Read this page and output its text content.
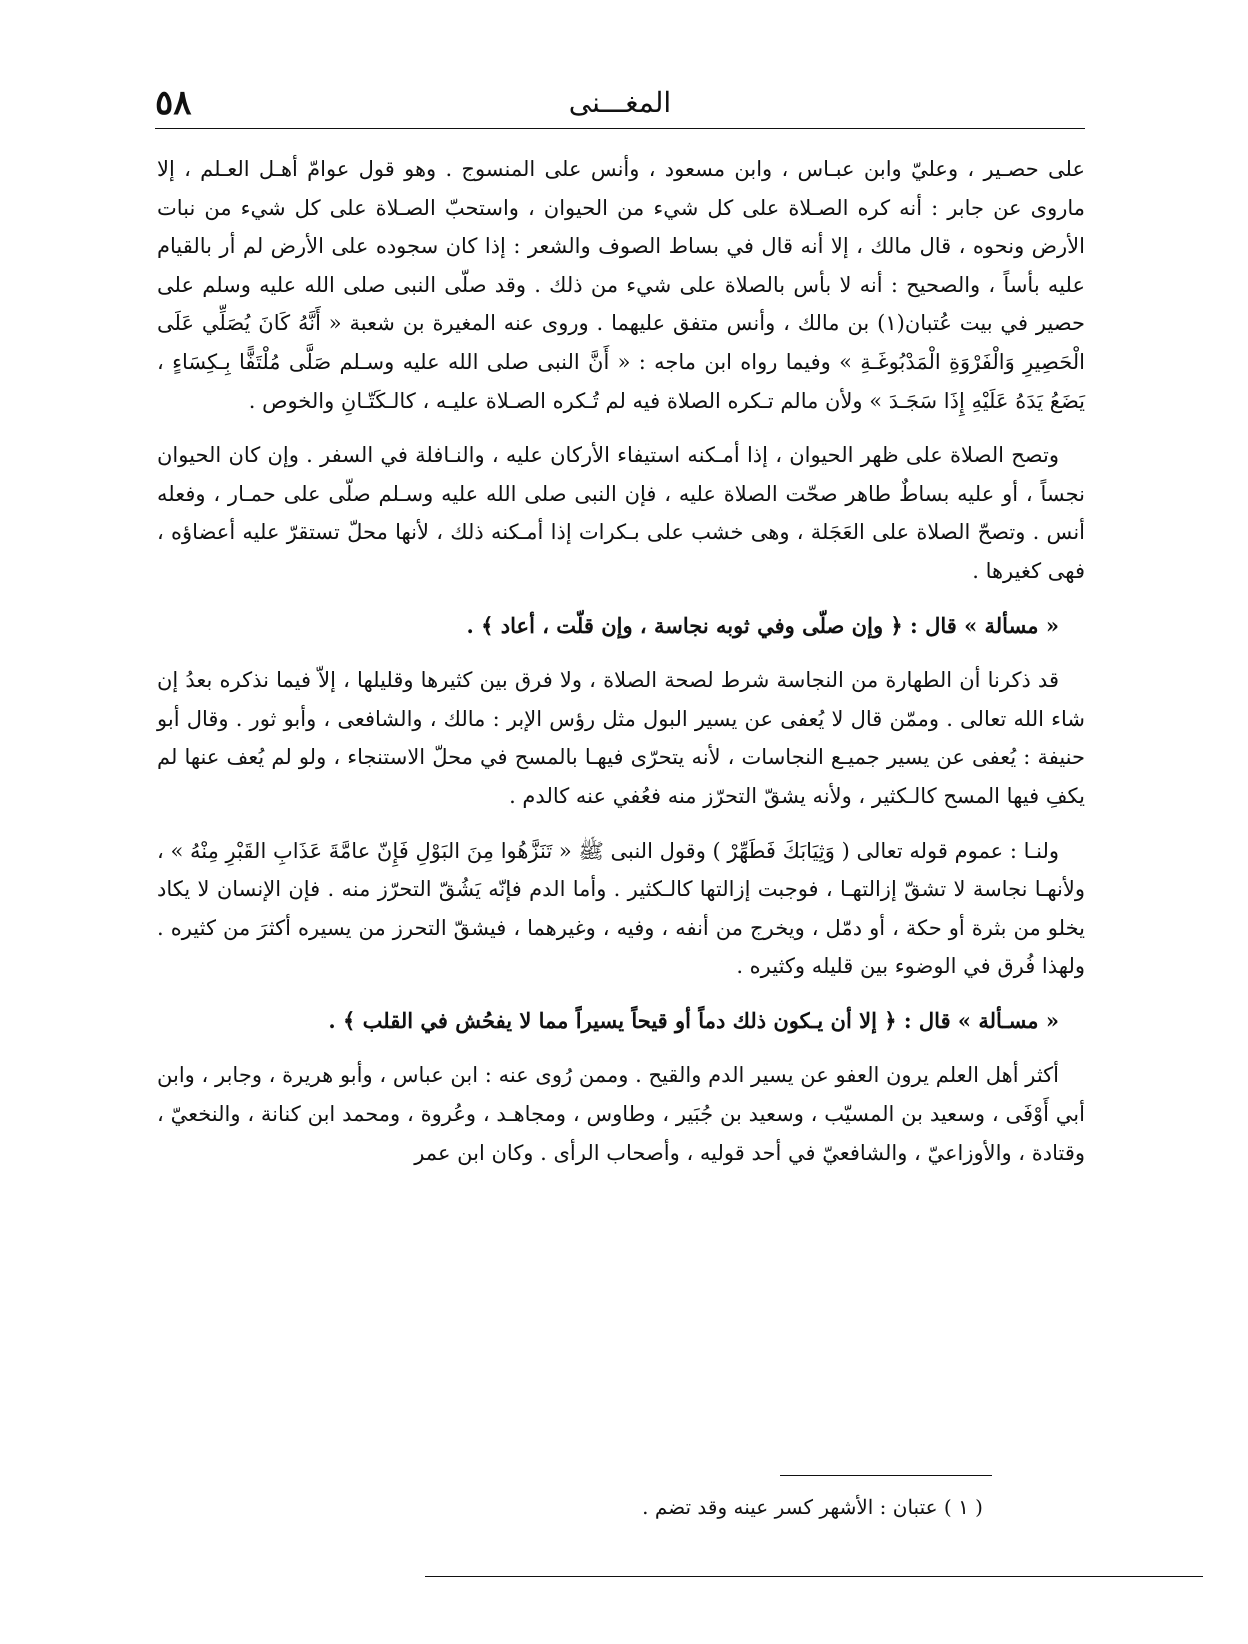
٥٨	المغـــنى

على حصـير ، وعليّ وابن عبـاس ، وابن مسعود ، وأنس على المنسوج . وهو قول عوامّ أهـل العـلم ، إلا ماروى عن جابر : أنه كره الصـلاة على كل شيء من الحيوان ، واستحبّ الصـلاة على كل شيء من نبات الأرض ونحوه ، قال مالك ، إلا أنه قال في بساط الصوف والشعر : إذا كان سجوده على الأرض لم أر بالقيام عليه بأساً ، والصحيح : أنه لا بأس بالصلاة على شيء من ذلك . وقد صلّى النبى صلى الله عليه وسلم على حصير في بيت عُتبان(١) بن مالك ، وأنس متفق عليهما . وروى عنه المغيرة بن شعبة « أَنَّهُ كَانَ يُصَلِّي عَلَى الْحَصِيرِ وَالْفَرْوَةِ الْمَدْبُوغَـةِ » وفيما رواه ابن ماجه : « أَنَّ النبى صلى الله عليه وسـلم صَلَّى مُلْتَفًّا بِـكِسَاءٍ ، يَضَعُ يَدَهُ عَلَيْهِ إِذَا سَجَـدَ » ولأن مالم تـكره الصلاة فيه لم تُـكره الصـلاة عليـه ، كالـكَتّـانِ والخوص .

وتصح الصلاة على ظهر الحيوان ، إذا أمـكنه استيفاء الأركان عليه ، والنـافلة في السفر . وإن كان الحيوان نجساً ، أو عليه بساطٌ طاهر صحّت الصلاة عليه ، فإن النبى صلى الله عليه وسـلم صلّى على حمـار ، وفعله أنس . وتصحّ الصلاة على العَجَلة ، وهى خشب على بـكرات إذا أمـكنه ذلك ، لأنها محلّ تستقرّ عليه أعضاؤه ، فهى كغيرها .

« مسألة » قال : ﴿ وإن صلّى وفي ثوبه نجاسة ، وإن قلّت ، أعاد ﴾ .

قد ذكرنا أن الطهارة من النجاسة شرط لصحة الصلاة ، ولا فرق بين كثيرها وقليلها ، إلاّ فيما نذكره بعدُ إن شاء الله تعالى . وممّن قال لا يُعفى عن يسير البول مثل رؤس الإبر : مالك ، والشافعى ، وأبو ثور . وقال أبو حنيفة : يُعفى عن يسير جميـع النجاسات ، لأنه يتحرّى فيهـا بالمسح في محلّ الاستنجاء ، ولو لم يُعف عنها لم يكفِ فيها المسح كالـكثير ، ولأنه يشقّ التحرّز منه فعُفي عنه كالدم .

ولنـا : عموم قوله تعالى ( وَثِيَابَكَ فَطَهِّرْ ) وقول النبى ﷺ « تَنَزَّهُوا مِنَ البَوْلِ فَإِنّ عامَّةَ عَذَابِ القَبْرِ مِنْهُ » ، ولأنهـا نجاسة لا تشقّ إزالتهـا ، فوجبت إزالتها كالـكثير . وأما الدم فإنّه يَشُقّ التحرّز منه . فإن الإنسان لا يكاد يخلو من بثرة أو حكة ، أو دمّل ، ويخرج من أنفه ، وفيه ، وغيرهما ، فيشقّ التحرز من يسيره أكثرَ من كثيره . ولهذا فُرق في الوضوء بين قليله وكثيره .

« مسـألة » قال : ﴿ إلا أن يـكون ذلك دماً أو قيحاً يسيراً مما لا يفحُش في القلب ﴾ .

أكثر أهل العلم يرون العفو عن يسير الدم والقيح . وممن رُوى عنه : ابن عباس ، وأبو هريرة ، وجابر ، وابن أبي أَوْفَى ، وسعيد بن المسيّب ، وسعيد بن جُبَير ، وطاوس ، ومجاهـد ، وعُروة ، ومحمد ابن كنانة ، والنخعيّ ، وقتادة ، والأوزاعيّ ، والشافعيّ في أحد قوليه ، وأصحاب الرأى . وكان ابن عمر

( ١ ) عتبان : الأشهر كسر عينه وقد تضم .
